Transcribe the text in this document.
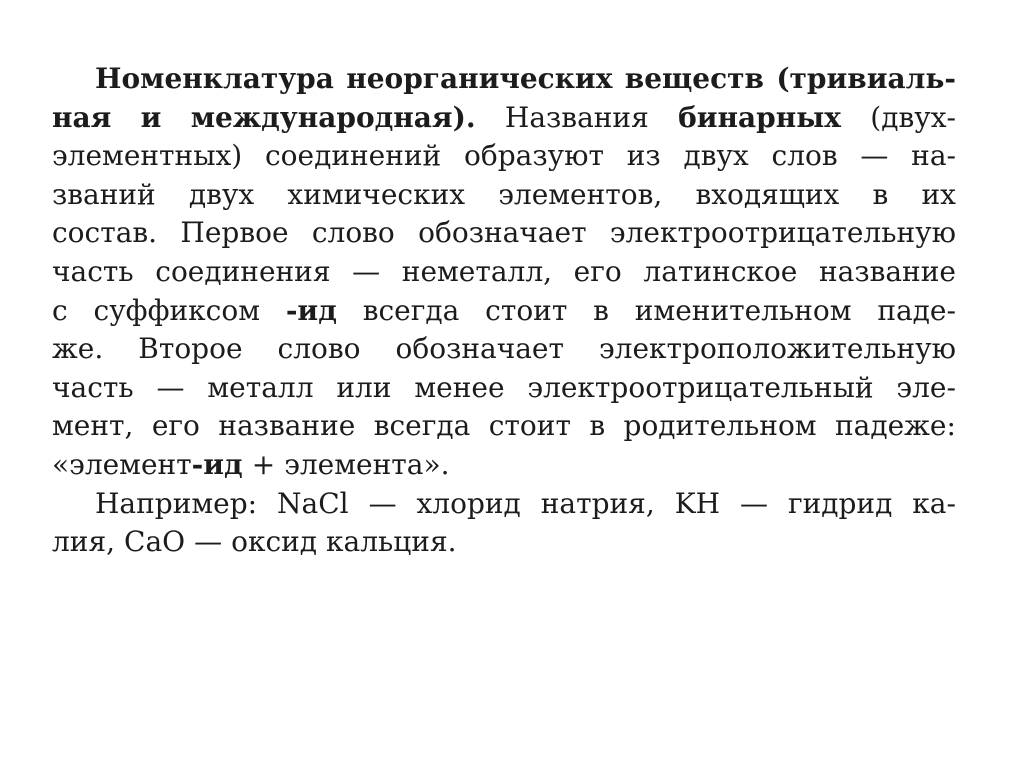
Номенклатура неорганических веществ (тривиаль-
ная и международная). Названия бинарных (двух-
элементных) соединений образуют из двух слов — на-
званий двух химических элементов, входящих в их
состав. Первое слово обозначает электроотрицательную
часть соединения — неметалл, его латинское название
с суффиксом -ид всегда стоит в именительном паде-
же. Второе слово обозначает электроположительную
часть — металл или менее электроотрицательный эле-
мент, его название всегда стоит в родительном падеже:
«элемент-ид + элемента».
Например: NaCl — хлорид натрия, KH — гидрид ка-
лия, CaO — оксид кальция.
